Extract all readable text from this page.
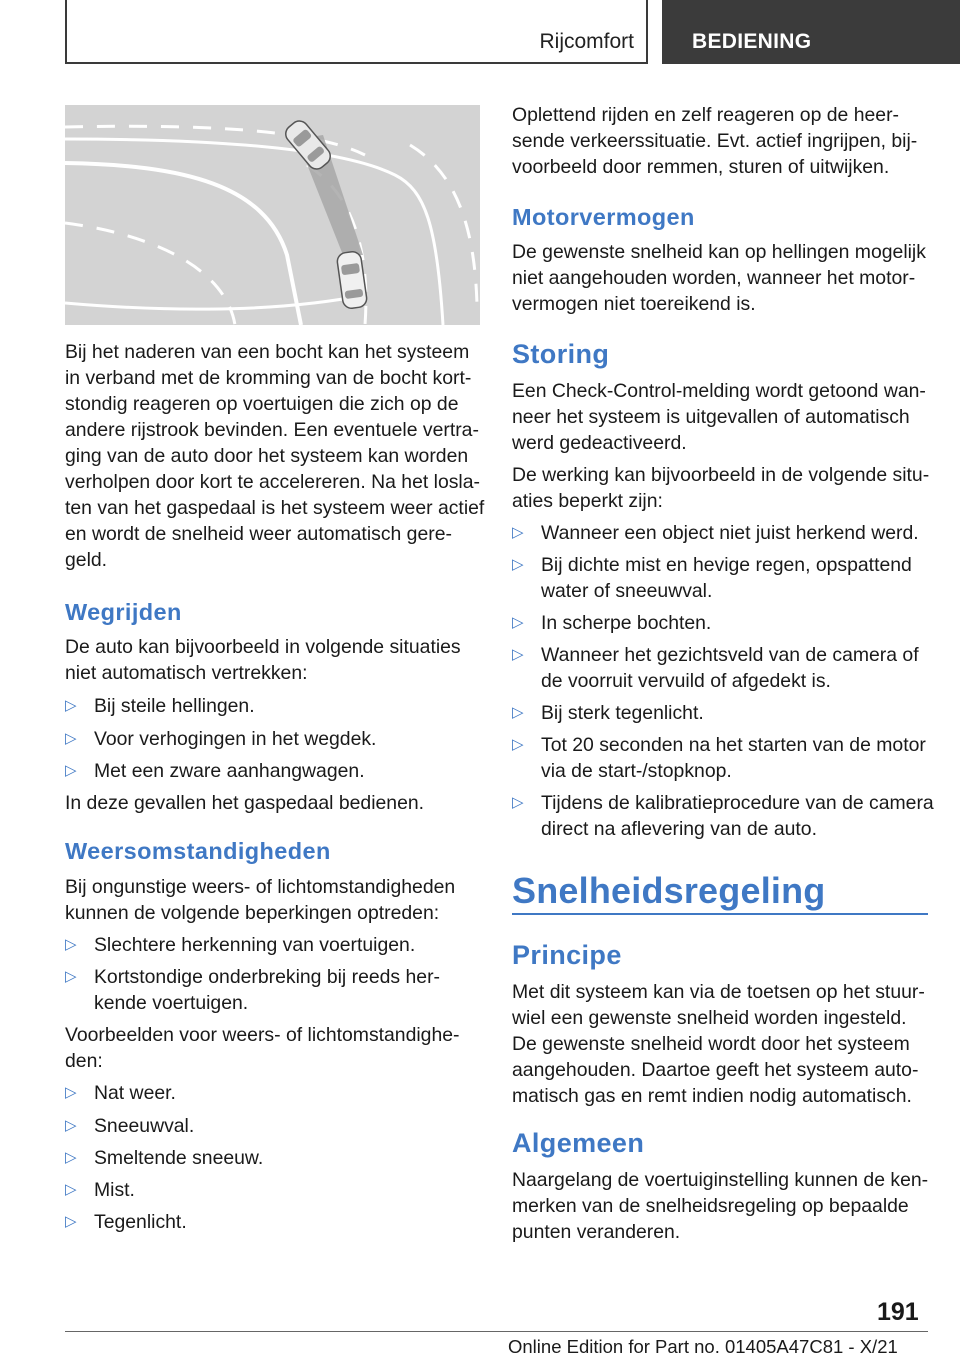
Rijcomfort	BEDIENING

Bij het naderen van een bocht kan het systeem

in verband met de kromming van de bocht kort‐

stondig reageren op voertuigen die zich op de

andere rijstrook bevinden. Een eventuele vertra‐

ging van de auto door het systeem kan worden

verholpen door kort te accelereren. Na het losla‐

ten van het gaspedaal is het systeem weer actief

en wordt de snelheid weer automatisch gere‐

geld.

Wegrijden

De auto kan bijvoorbeeld in volgende situaties

niet automatisch vertrekken:

▷ Bij steile hellingen.
▷ Voor verhogingen in het wegdek.
▷ Met een zware aanhangwagen.

In deze gevallen het gaspedaal bedienen.

Weersomstandigheden

Bij ongunstige weers- of lichtomstandigheden

kunnen de volgende beperkingen optreden:

▷ Slechtere herkenning van voertuigen.
▷ Kortstondige onderbreking bij reeds her‐
kende voertuigen.

Voorbeelden voor weers- of lichtomstandighe‐

den:

▷ Nat weer.
▷ Sneeuwval.
▷ Smeltende sneeuw.
▷ Mist.
▷ Tegenlicht.

Oplettend rijden en zelf reageren op de heer‐

sende verkeerssituatie. Evt. actief ingrijpen, bij‐

voorbeeld door remmen, sturen of uitwijken.

Motorvermogen

De gewenste snelheid kan op hellingen mogelijk

niet aangehouden worden, wanneer het motor‐

vermogen niet toereikend is.

Storing

Een Check-Control-melding wordt getoond wan‐

neer het systeem is uitgevallen of automatisch

werd gedeactiveerd.

De werking kan bijvoorbeeld in de volgende situ‐

aties beperkt zijn:

▷ Wanneer een object niet juist herkend werd.
▷ Bij dichte mist en hevige regen, opspattend
water of sneeuwval.
▷ In scherpe bochten.
▷ Wanneer het gezichtsveld van de camera of
de voorruit vervuild of afgedekt is.
▷ Bij sterk tegenlicht.
▷ Tot 20 seconden na het starten van de motor
via de start-/stopknop.
▷ Tijdens de kalibratieprocedure van de camera
direct na aflevering van de auto.
Snelheidsregeling
Principe

Met dit systeem kan via de toetsen op het stuur‐

wiel een gewenste snelheid worden ingesteld.

De gewenste snelheid wordt door het systeem

aangehouden. Daartoe geeft het systeem auto‐

matisch gas en remt indien nodig automatisch.

Algemeen

Naargelang de voertuiginstelling kunnen de ken‐

merken van de snelheidsregeling op bepaalde

punten veranderen.

191
Online Edition for Part no. 01405A47C81 - X/21
